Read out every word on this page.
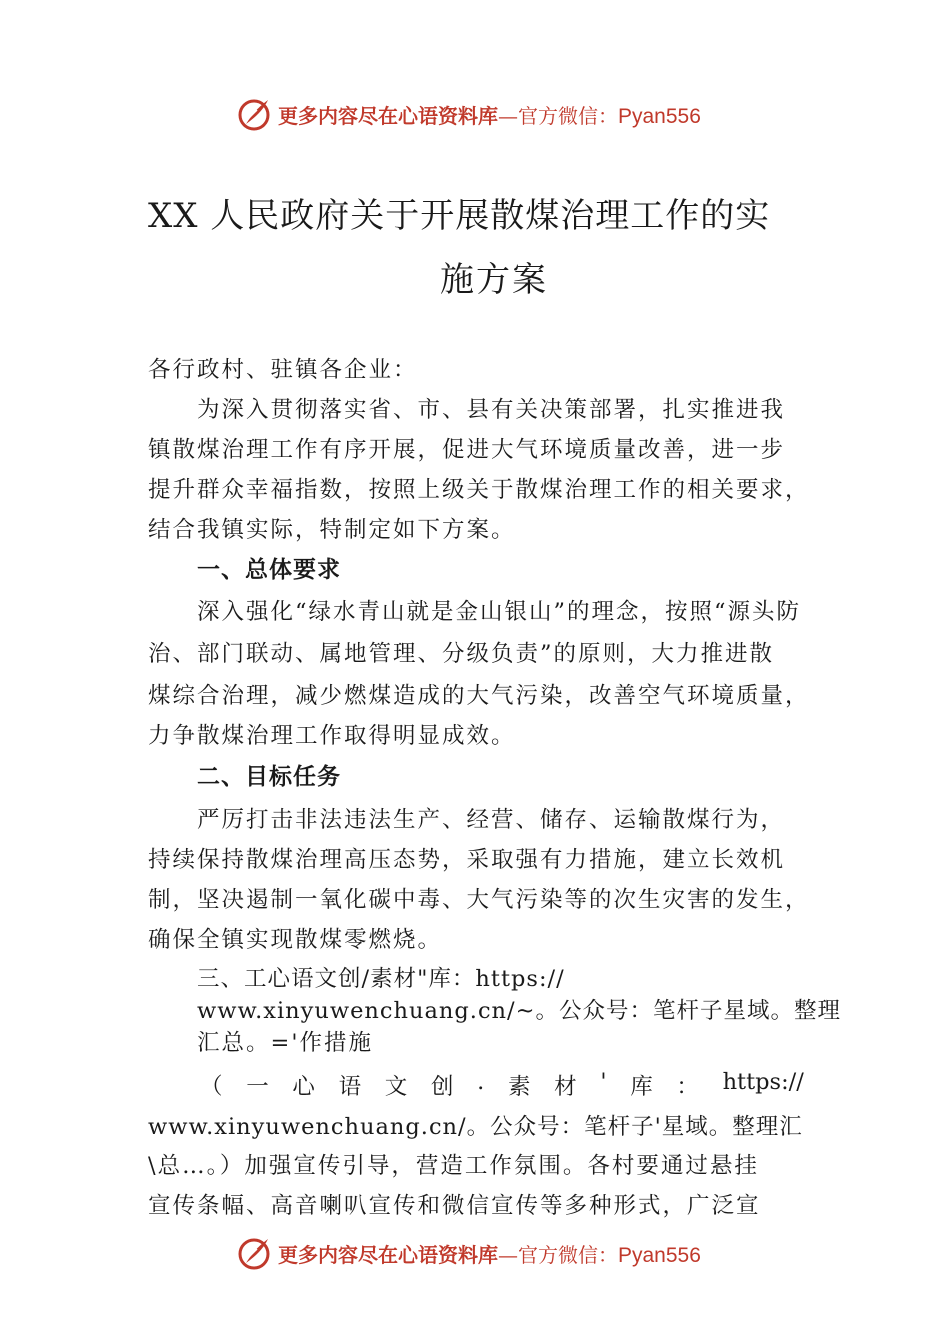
更多内容尽在心语资料库—官方微信：Pyan556
XX 人民政府关于开展散煤治理工作的实
施方案
各行政村、驻镇各企业：
为深入贯彻落实省、市、县有关决策部署，扎实推进我
镇散煤治理工作有序开展，促进大气环境质量改善，进一步
提升群众幸福指数，按照上级关于散煤治理工作的相关要求，
结合我镇实际，特制定如下方案。
一、总体要求
深入强化“绿水青山就是金山银山”的理念，按照“源头防
治、部门联动、属地管理、分级负责”的原则，大力推进散
煤综合治理，减少燃煤造成的大气污染，改善空气环境质量，
力争散煤治理工作取得明显成效。
二、目标任务
严厉打击非法违法生产、经营、储存、运输散煤行为，
持续保持散煤治理高压态势，采取强有力措施，建立长效机
制，坚决遏制一氧化碳中毒、大气污染等的次生灾害的发生，
确保全镇实现散煤零燃烧。
三、工心语文创/素材"库：https://
www.xinyuwenchuang.cn/~。公众号：笔杆子星域。整理
汇总。='作措施
（ 一 心 语 文 创 . 素 材 ' 库 ： https://
www.xinyuwenchuang.cn/。公众号：笔杆子'星域。整理汇
\总…。）加强宣传引导，营造工作氛围。各村要通过悬挂
宣传条幅、高音喇叭宣传和微信宣传等多种形式，广泛宣
更多内容尽在心语资料库—官方微信：Pyan556
